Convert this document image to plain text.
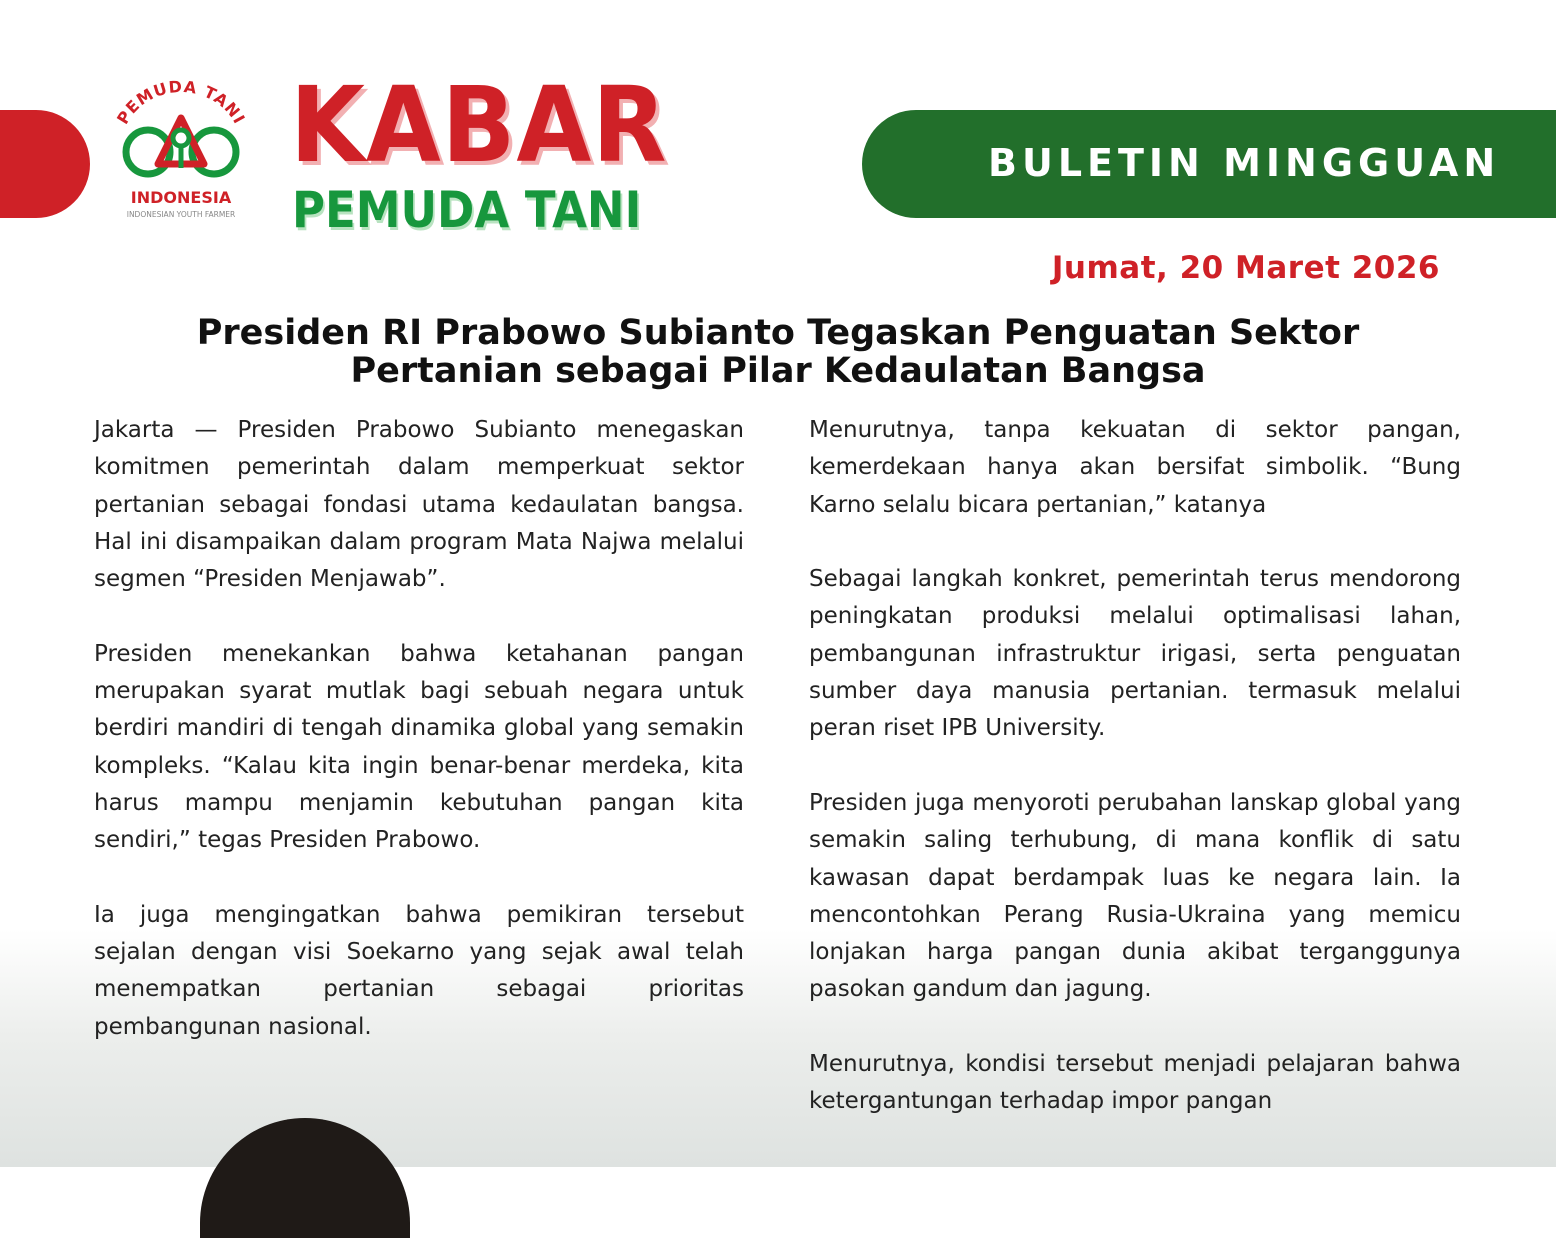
PEMUDA TANI
INDONESIA
INDONESIAN YOUTH FARMER
KABAR
PEMUDA TANI
BULETIN MINGGUAN
Jumat, 20 Maret 2026
Presiden RI Prabowo Subianto Tegaskan Penguatan Sektor
Pertanian sebagai Pilar Kedaulatan Bangsa

Jakarta — Presiden Prabowo Subianto menegaskan komitmen pemerintah dalam memperkuat sektor pertanian sebagai fondasi utama kedaulatan bangsa. Hal ini disampaikan dalam program Mata Najwa melalui segmen “Presiden Menjawab”.

Presiden menekankan bahwa ketahanan pangan merupakan syarat mutlak bagi sebuah negara untuk berdiri mandiri di tengah dinamika global yang semakin kompleks. “Kalau kita ingin benar-benar merdeka, kita harus mampu menjamin kebutuhan pangan kita sendiri,” tegas Presiden Prabowo.

Ia juga mengingatkan bahwa pemikiran tersebut sejalan dengan visi Soekarno yang sejak awal telah menempatkan pertanian sebagai prioritas pembangunan nasional.

Menurutnya, tanpa kekuatan di sektor pangan, kemerdekaan hanya akan bersifat simbolik. “Bung Karno selalu bicara pertanian,” katanya

Sebagai langkah konkret, pemerintah terus mendorong peningkatan produksi melalui optimalisasi lahan, pembangunan infrastruktur irigasi, serta penguatan sumber daya manusia pertanian. termasuk melalui peran riset IPB University.

Presiden juga menyoroti perubahan lanskap global yang semakin saling terhubung, di mana konflik di satu kawasan dapat berdampak luas ke negara lain. Ia mencontohkan Perang Rusia-Ukraina yang memicu lonjakan harga pangan dunia akibat terganggunya pasokan gandum dan jagung.

Menurutnya, kondisi tersebut menjadi pelajaran bahwa ketergantungan terhadap impor pangan
